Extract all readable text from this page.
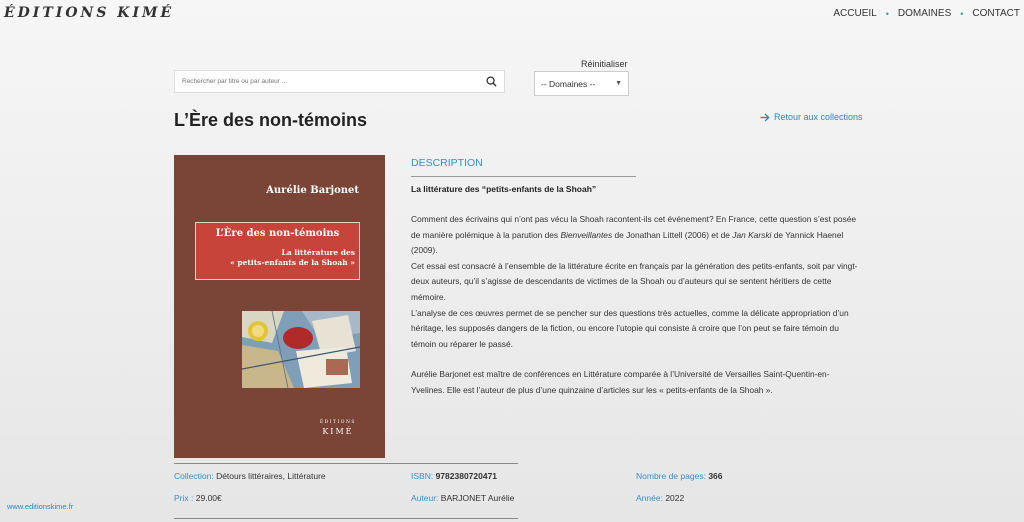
ÉDITIONS KIMÉ	ACCUEIL • DOMAINES • CONTACT
Rechercher par titre ou par auteur ...
Réinitialiser
-- Domaines --	▼
L’Ère des non-témoins	Retour aux collections
Aurélie Barjonet
L’Ère des non-témoins
La littérature des
« petits-enfants de la Shoah »
ÉDITIONS
KIMÉ
DESCRIPTION
La littérature des “petits-enfants de la Shoah”

Comment des écrivains qui n’ont pas vécu la Shoah racontent-ils cet événement? En France, cette question s’est posée de manière polémique à la parution des Bienveillantes de Jonathan Littell (2006) et de Jan Karski de Yannick Haenel (2009).

Cet essai est consacré à l’ensemble de la littérature écrite en français par la génération des petits-enfants, soit par vingt-deux auteurs, qu’il s’agisse de descendants de victimes de la Shoah ou d’auteurs qui se sentent héritiers de cette mémoire.

L’analyse de ces œuvres permet de se pencher sur des questions très actuelles, comme la délicate appropriation d’un héritage, les supposés dangers de la fiction, ou encore l’utopie qui consiste à croire que l’on peut se faire témoin du témoin ou réparer le passé.

Aurélie Barjonet est maître de conférences en Littérature comparée à l’Université de Versailles Saint-Quentin-en-Yvelines. Elle est l’auteur de plus d’une quinzaine d’articles sur les « petits-enfants de la Shoah ».

Collection: Détours littéraires, Littérature	ISBN: 9782380720471	Nombre de pages: 366
Prix : 29.00€	Auteur: BARJONET Aurélie	Année: 2022
www.editionskime.fr
